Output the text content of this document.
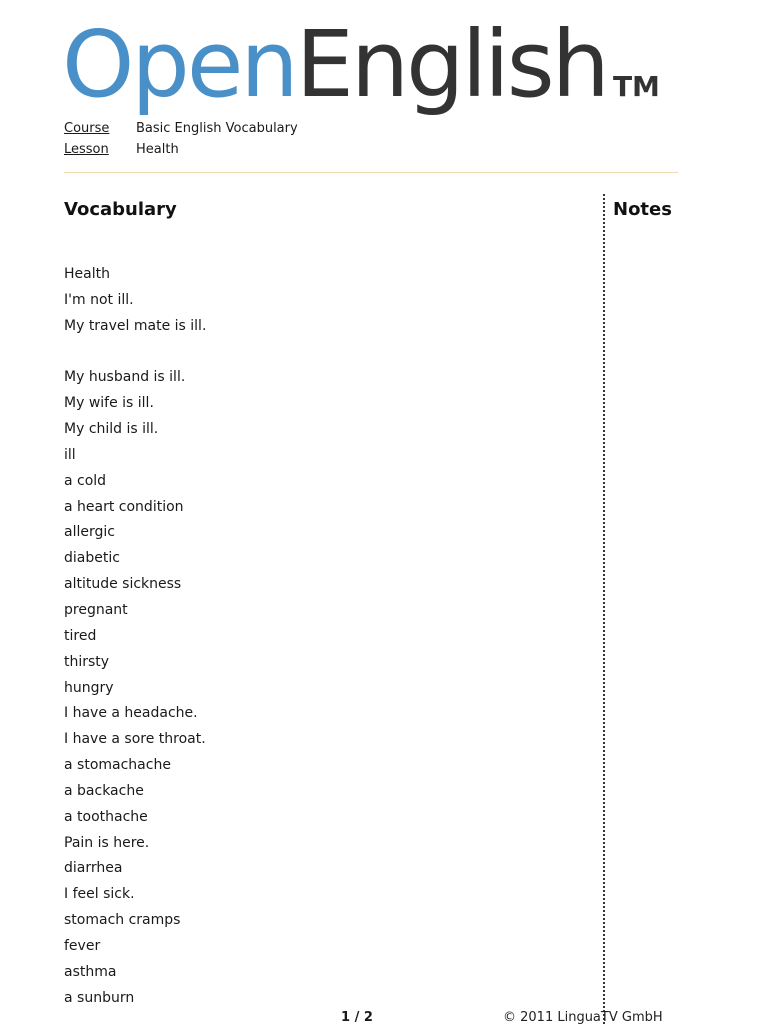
Open English TM
Course	Basic English Vocabulary
Lesson	Health
Vocabulary	Notes
Health
I'm not ill.
My travel mate is ill.
My husband is ill.
My wife is ill.
My child is ill.
ill
a cold
a heart condition
allergic
diabetic
altitude sickness
pregnant
tired
thirsty
hungry
I have a headache.
I have a sore throat.
a stomachache
a backache
a toothache
Pain is here.
diarrhea
I feel sick.
stomach cramps
fever
asthma
a sunburn
1 / 2	© 2011 LinguaTV GmbH
